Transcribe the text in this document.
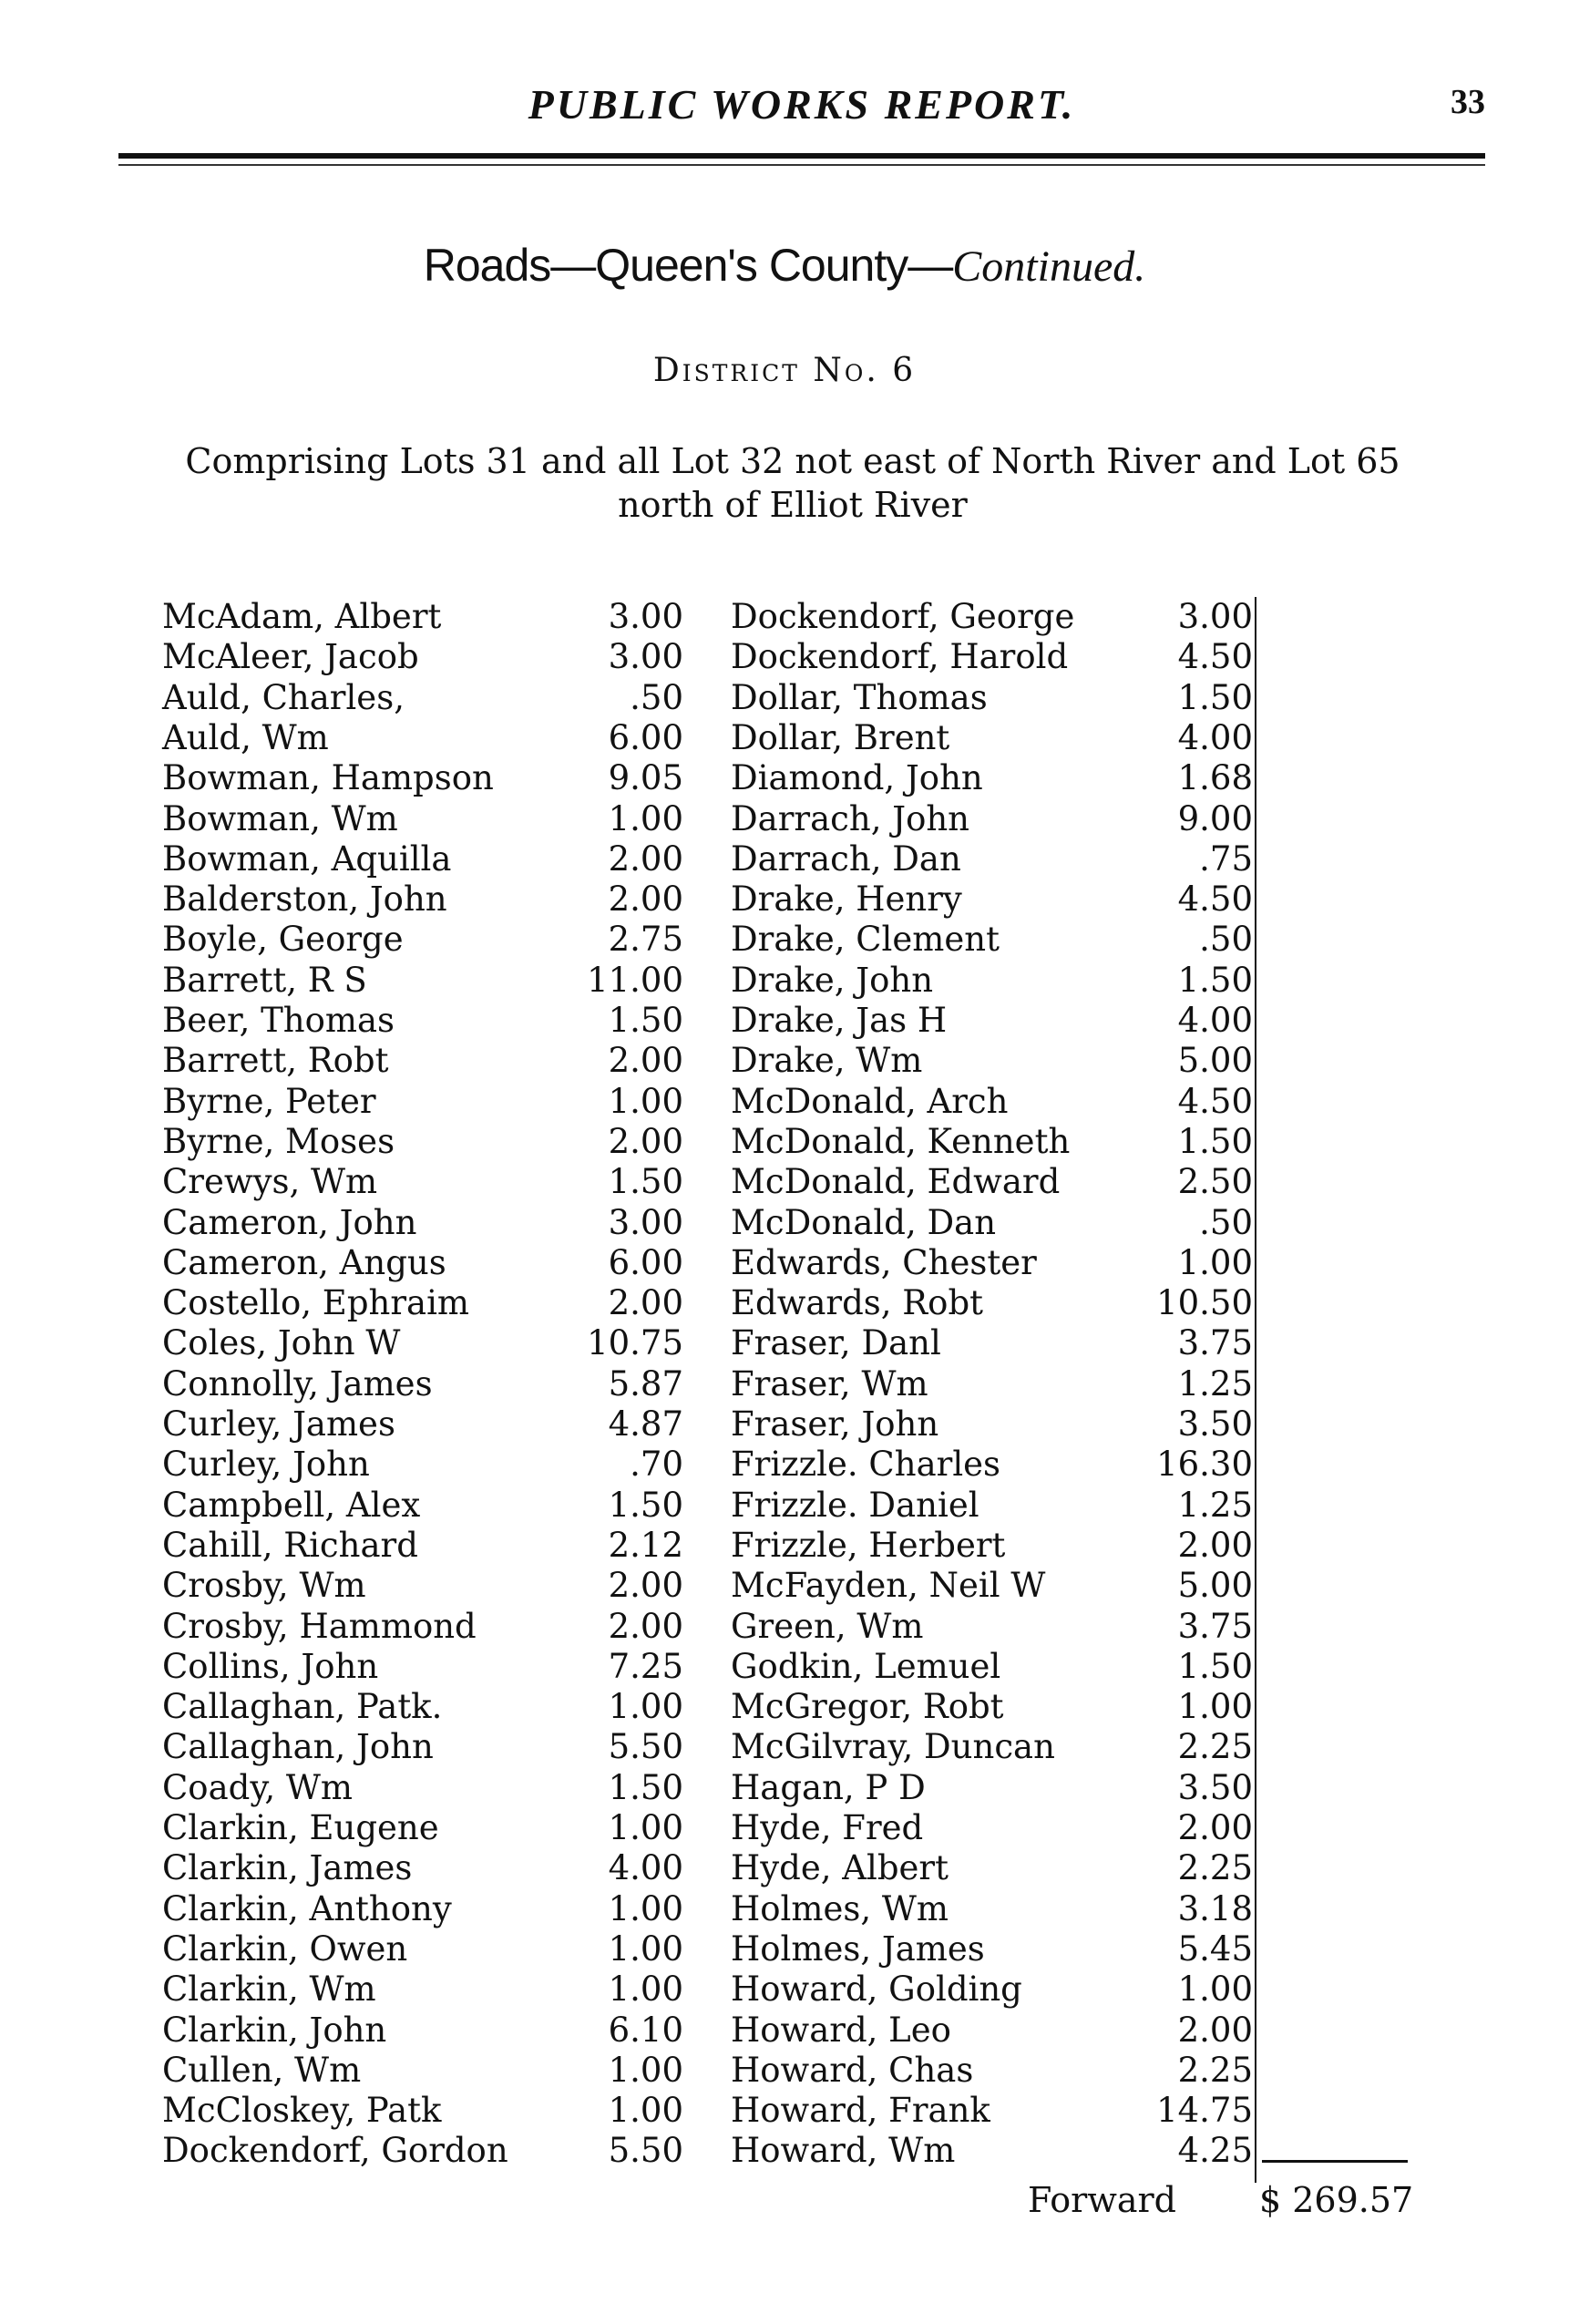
PUBLIC WORKS REPORT.	33
Roads—Queen's County—Continued.
District No. 6
Comprising Lots 31 and all Lot 32 not east of North River and Lot 65
north of Elliot River
McAdam, Albert	3.00 Dockendorf, George	3.00
McAleer, Jacob	3.00 Dockendorf, Harold	4.50
Auld, Charles,	.50 Dollar, Thomas	1.50
Auld, Wm	6.00 Dollar, Brent	4.00
Bowman, Hampson	9.05 Diamond, John	1.68
Bowman, Wm	1.00 Darrach, John	9.00
Bowman, Aquilla	2.00 Darrach, Dan	.75
Balderston, John	2.00 Drake, Henry	4.50
Boyle, George	2.75 Drake, Clement	.50
Barrett, R S	11.00 Drake, John	1.50
Beer, Thomas	1.50 Drake, Jas H	4.00
Barrett, Robt	2.00 Drake, Wm	5.00
Byrne, Peter	1.00 McDonald, Arch	4.50
Byrne, Moses	2.00 McDonald, Kenneth	1.50
Crewys, Wm	1.50 McDonald, Edward	2.50
Cameron, John	3.00 McDonald, Dan	.50
Cameron, Angus	6.00 Edwards, Chester	1.00
Costello, Ephraim	2.00 Edwards, Robt	10.50
Coles, John W	10.75 Fraser, Danl	3.75
Connolly, James	5.87 Fraser, Wm	1.25
Curley, James	4.87 Fraser, John	3.50
Curley, John	.70 Frizzle. Charles	16.30
Campbell, Alex	1.50 Frizzle. Daniel	1.25
Cahill, Richard	2.12 Frizzle, Herbert	2.00
Crosby, Wm	2.00 McFayden, Neil W	5.00
Crosby, Hammond	2.00 Green, Wm	3.75
Collins, John	7.25 Godkin, Lemuel	1.50
Callaghan, Patk.	1.00 McGregor, Robt	1.00
Callaghan, John	5.50 McGilvray, Duncan	2.25
Coady, Wm	1.50 Hagan, P D	3.50
Clarkin, Eugene	1.00 Hyde, Fred	2.00
Clarkin, James	4.00 Hyde, Albert	2.25
Clarkin, Anthony	1.00 Holmes, Wm	3.18
Clarkin, Owen	1.00 Holmes, James	5.45
Clarkin, Wm	1.00 Howard, Golding	1.00
Clarkin, John	6.10 Howard, Leo	2.00
Cullen, Wm	1.00 Howard, Chas	2.25
McCloskey, Patk	1.00 Howard, Frank	14.75
Dockendorf, Gordon	5.50 Howard, Wm	4.25
Forward $ 269.57
